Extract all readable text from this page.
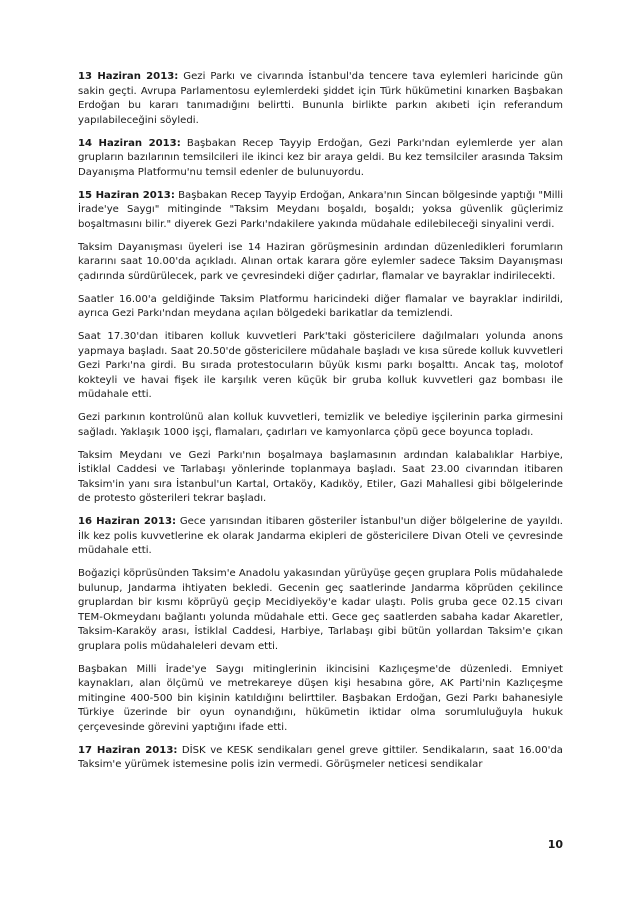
13 Haziran 2013: Gezi Parkı ve civarında İstanbul'da tencere tava eylemleri haricinde gün sakin geçti. Avrupa Parlamentosu eylemlerdeki şiddet için Türk hükümetini kınarken Başbakan Erdoğan bu kararı tanımadığını belirtti. Bununla birlikte parkın akıbeti için referandum yapılabileceğini söyledi.

14 Haziran 2013: Başbakan Recep Tayyip Erdoğan, Gezi Parkı'ndan eylemlerde yer alan grupların bazılarının temsilcileri ile ikinci kez bir araya geldi. Bu kez temsilciler arasında Taksim Dayanışma Platformu'nu temsil edenler de bulunuyordu.

15 Haziran 2013: Başbakan Recep Tayyip Erdoğan, Ankara'nın Sincan bölgesinde yaptığı "Milli İrade'ye Saygı" mitinginde "Taksim Meydanı boşaldı, boşaldı; yoksa güvenlik güçlerimiz boşaltmasını bilir." diyerek Gezi Parkı'ndakilere yakında müdahale edilebileceği sinyalini verdi.

Taksim Dayanışması üyeleri ise 14 Haziran görüşmesinin ardından düzenledikleri forumların kararını saat 10.00'da açıkladı. Alınan ortak karara göre eylemler sadece Taksim Dayanışması çadırında sürdürülecek, park ve çevresindeki diğer çadırlar, flamalar ve bayraklar indirilecekti.

Saatler 16.00'a geldiğinde Taksim Platformu haricindeki diğer flamalar ve bayraklar indirildi, ayrıca Gezi Parkı'ndan meydana açılan bölgedeki barikatlar da temizlendi.

Saat 17.30'dan itibaren kolluk kuvvetleri Park'taki göstericilere dağılmaları yolunda anons yapmaya başladı. Saat 20.50'de göstericilere müdahale başladı ve kısa sürede kolluk kuvvetleri Gezi Parkı'na girdi. Bu sırada protestocuların büyük kısmı parkı boşalttı. Ancak taş, molotof kokteyli ve havai fişek ile karşılık veren küçük bir gruba kolluk kuvvetleri gaz bombası ile müdahale etti.

Gezi parkının kontrolünü alan kolluk kuvvetleri, temizlik ve belediye işçilerinin parka girmesini sağladı. Yaklaşık 1000 işçi, flamaları, çadırları ve kamyonlarca çöpü gece boyunca topladı.

Taksim Meydanı ve Gezi Parkı'nın boşalmaya başlamasının ardından kalabalıklar Harbiye, İstiklal Caddesi ve Tarlabaşı yönlerinde toplanmaya başladı. Saat 23.00 civarından itibaren Taksim'in yanı sıra İstanbul'un Kartal, Ortaköy, Kadıköy, Etiler, Gazi Mahallesi gibi bölgelerinde de protesto gösterileri tekrar başladı.

16 Haziran 2013: Gece yarısından itibaren gösteriler İstanbul'un diğer bölgelerine de yayıldı. İlk kez polis kuvvetlerine ek olarak Jandarma ekipleri de göstericilere Divan Oteli ve çevresinde müdahale etti.

Boğaziçi köprüsünden Taksim'e Anadolu yakasından yürüyüşe geçen gruplara Polis müdahalede bulunup, Jandarma ihtiyaten bekledi. Gecenin geç saatlerinde Jandarma köprüden çekilince gruplardan bir kısmı köprüyü geçip Mecidiyeköy'e kadar ulaştı. Polis gruba gece 02.15 civarı TEM-Okmeydanı bağlantı yolunda müdahale etti. Gece geç saatlerden sabaha kadar Akaretler, Taksim-Karaköy arası, İstiklal Caddesi, Harbiye, Tarlabaşı gibi bütün yollardan Taksim'e çıkan gruplara polis müdahaleleri devam etti.

Başbakan Milli İrade'ye Saygı mitinglerinin ikincisini Kazlıçeşme'de düzenledi. Emniyet kaynakları, alan ölçümü ve metrekareye düşen kişi hesabına göre, AK Parti'nin Kazlıçeşme mitingine 400-500 bin kişinin katıldığını belirttiler. Başbakan Erdoğan, Gezi Parkı bahanesiyle Türkiye üzerinde bir oyun oynandığını, hükümetin iktidar olma sorumluluğuyla hukuk çerçevesinde görevini yaptığını ifade etti.

17 Haziran 2013: DİSK ve KESK sendikaları genel greve gittiler. Sendikaların, saat 16.00'da Taksim'e yürümek istemesine polis izin vermedi. Görüşmeler neticesi sendikalar

10
